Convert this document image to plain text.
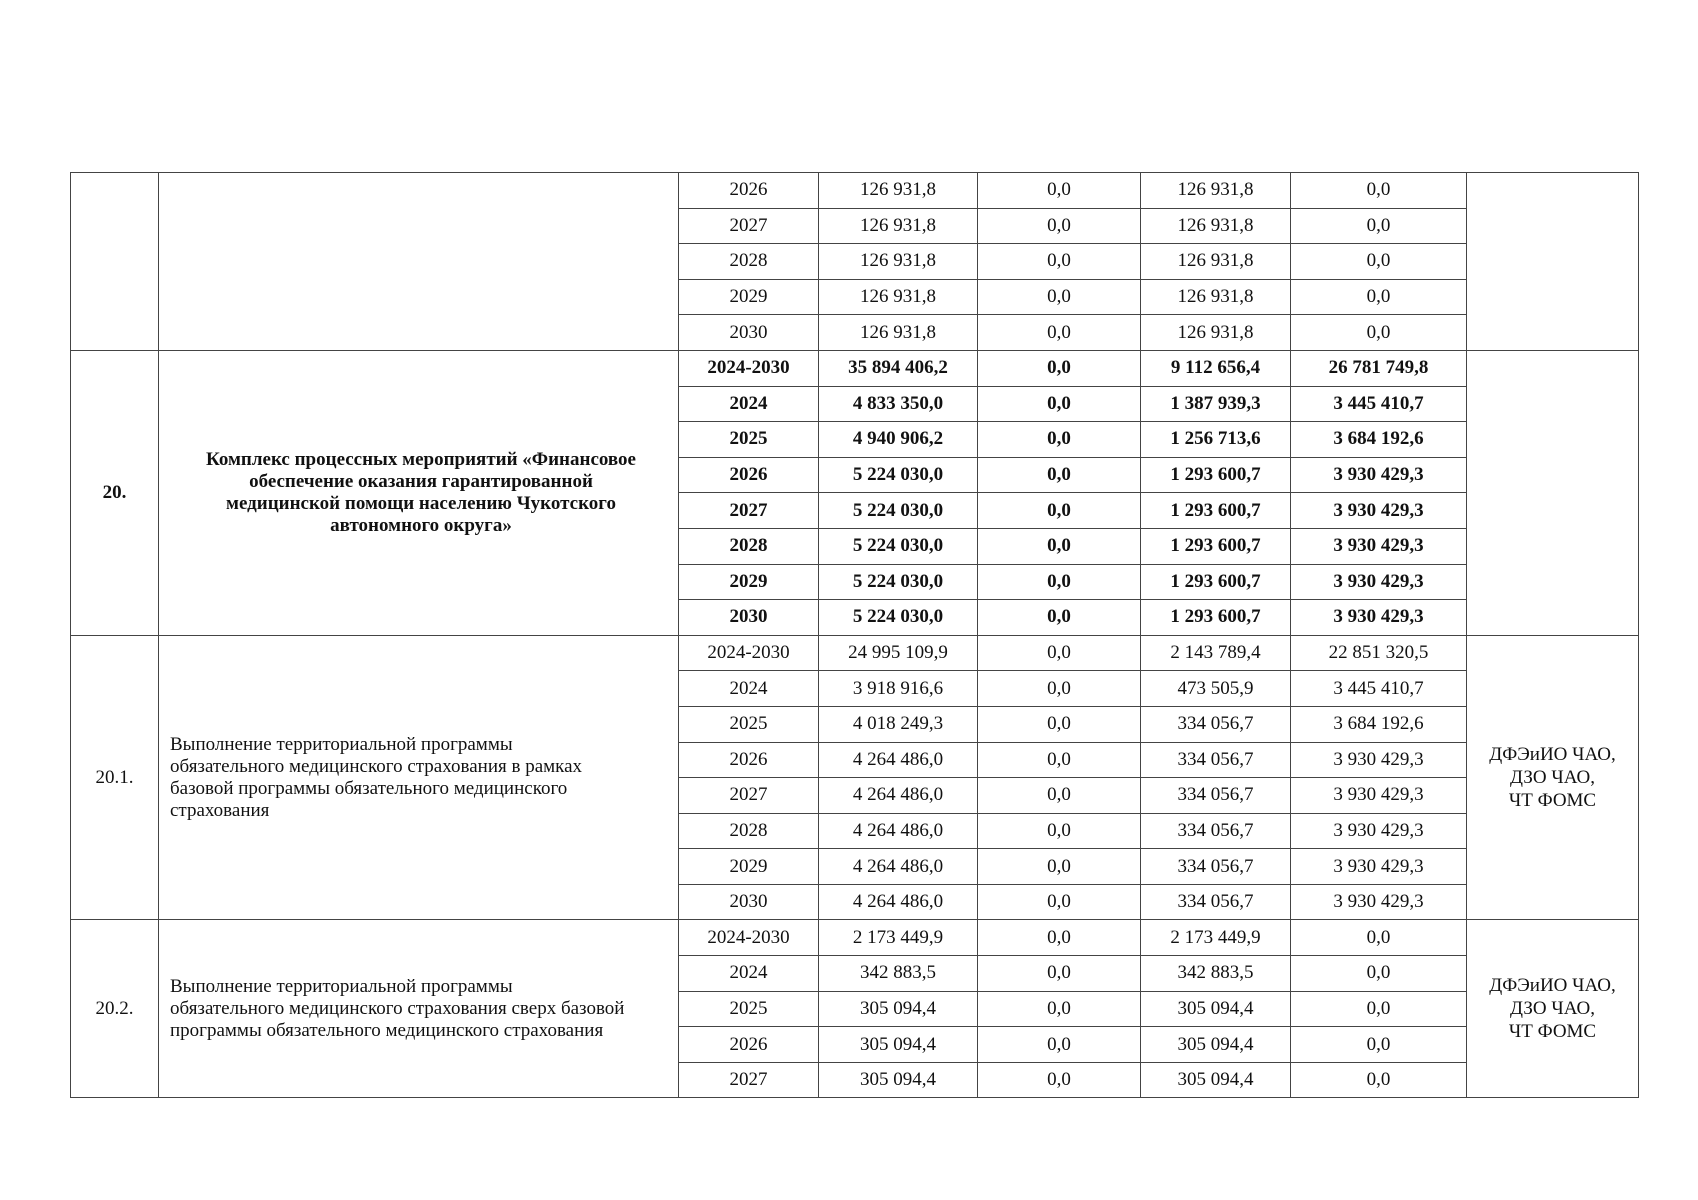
		2026	126 931,8	0,0	126 931,8	0,0	
		2027	126 931,8	0,0	126 931,8	0,0	
		2028	126 931,8	0,0	126 931,8	0,0	
		2029	126 931,8	0,0	126 931,8	0,0	
		2030	126 931,8	0,0	126 931,8	0,0	
20.	Комплекс процессных мероприятий «Финансовое
обеспечение оказания гарантированной
медицинской помощи населению Чукотского
автономного округа»	2024-2030	35 894 406,2	0,0	9 112 656,4	26 781 749,8	
		2024	4 833 350,0	0,0	1 387 939,3	3 445 410,7	
		2025	4 940 906,2	0,0	1 256 713,6	3 684 192,6	
		2026	5 224 030,0	0,0	1 293 600,7	3 930 429,3	
		2027	5 224 030,0	0,0	1 293 600,7	3 930 429,3	
		2028	5 224 030,0	0,0	1 293 600,7	3 930 429,3	
		2029	5 224 030,0	0,0	1 293 600,7	3 930 429,3	
		2030	5 224 030,0	0,0	1 293 600,7	3 930 429,3	
20.1.	Выполнение территориальной программы
обязательного медицинского страхования в рамках
базовой программы обязательного медицинского
страхования	2024-2030	24 995 109,9	0,0	2 143 789,4	22 851 320,5	ДФЭиИО ЧАО,
ДЗО ЧАО,
ЧТ ФОМС

		2024	3 918 916,6	0,0	473 505,9	3 445 410,7	
		2025	4 018 249,3	0,0	334 056,7	3 684 192,6	
		2026	4 264 486,0	0,0	334 056,7	3 930 429,3	
		2027	4 264 486,0	0,0	334 056,7	3 930 429,3	
		2028	4 264 486,0	0,0	334 056,7	3 930 429,3	
		2029	4 264 486,0	0,0	334 056,7	3 930 429,3	
		2030	4 264 486,0	0,0	334 056,7	3 930 429,3	
20.2.	Выполнение территориальной программы
обязательного медицинского страхования сверх базовой
программы обязательного медицинского страхования	2024-2030	2 173 449,9	0,0	2 173 449,9	0,0	ДФЭиИО ЧАО,
ДЗО ЧАО,
ЧТ ФОМС

		2024	342 883,5	0,0	342 883,5	0,0	
		2025	305 094,4	0,0	305 094,4	0,0	
		2026	305 094,4	0,0	305 094,4	0,0	
		2027	305 094,4	0,0	305 094,4	0,0	
